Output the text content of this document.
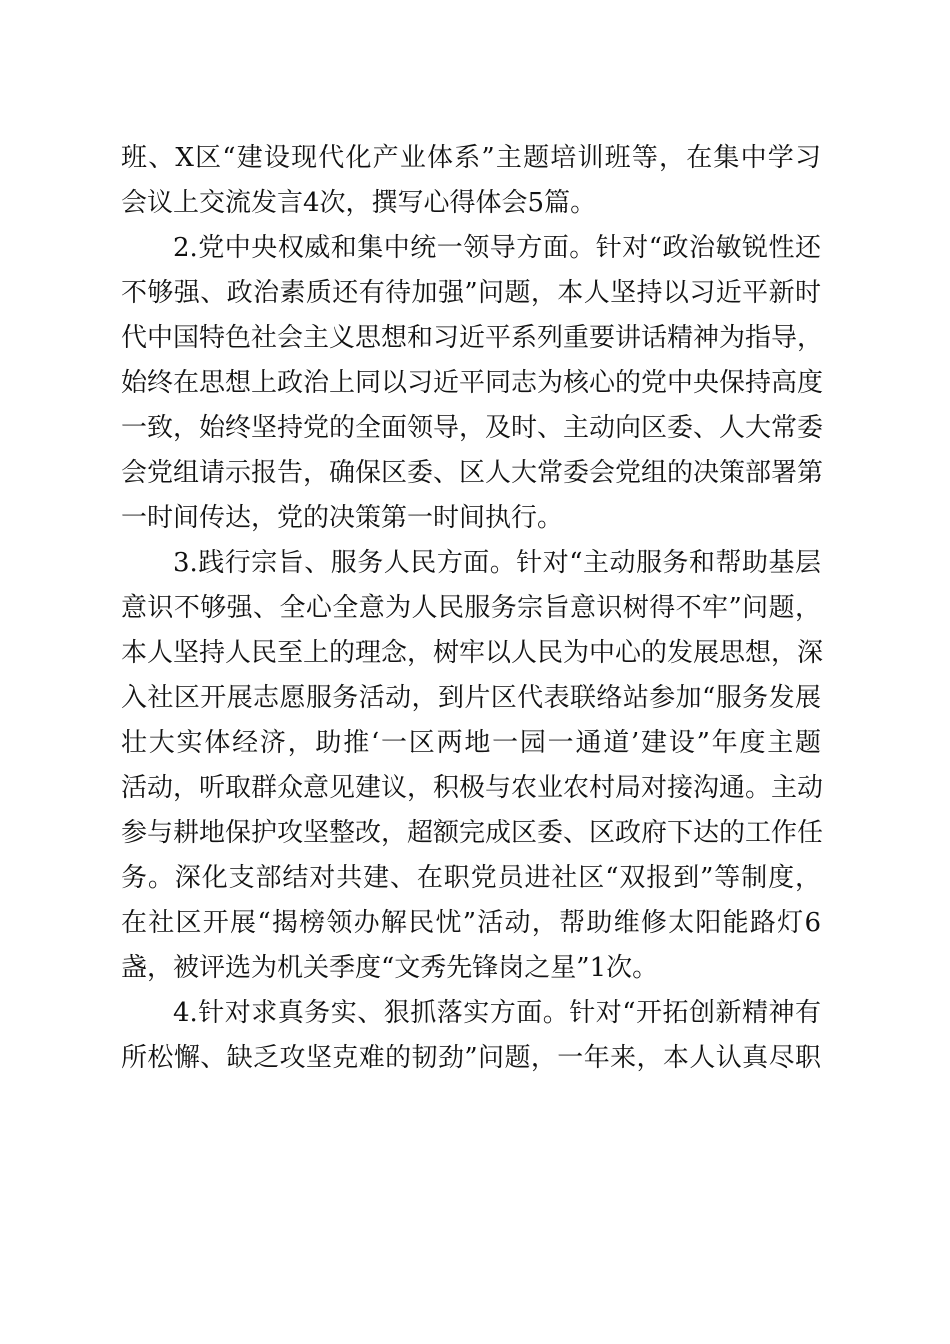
班、X区“建设现代化产业体系”主题培训班等，在集中学习
会议上交流发言4次，撰写心得体会5篇。
2.党中央权威和集中统一领导方面。针对“政治敏锐性还
不够强、政治素质还有待加强”问题，本人坚持以习近平新时
代中国特色社会主义思想和习近平系列重要讲话精神为指导，
始终在思想上政治上同以习近平同志为核心的党中央保持高度
一致，始终坚持党的全面领导，及时、主动向区委、人大常委
会党组请示报告，确保区委、区人大常委会党组的决策部署第
一时间传达，党的决策第一时间执行。
3.践行宗旨、服务人民方面。针对“主动服务和帮助基层
意识不够强、全心全意为人民服务宗旨意识树得不牢”问题，
本人坚持人民至上的理念，树牢以人民为中心的发展思想，深
入社区开展志愿服务活动，到片区代表联络站参加“服务发展
壮大实体经济，助推‘一区两地一园一通道’建设”年度主题
活动，听取群众意见建议，积极与农业农村局对接沟通。主动
参与耕地保护攻坚整改，超额完成区委、区政府下达的工作任
务。深化支部结对共建、在职党员进社区“双报到”等制度，
在社区开展“揭榜领办解民忧”活动，帮助维修太阳能路灯6
盏，被评选为机关季度“文秀先锋岗之星”1次。
4.针对求真务实、狠抓落实方面。针对“开拓创新精神有
所松懈、缺乏攻坚克难的韧劲”问题，一年来，本人认真尽职
